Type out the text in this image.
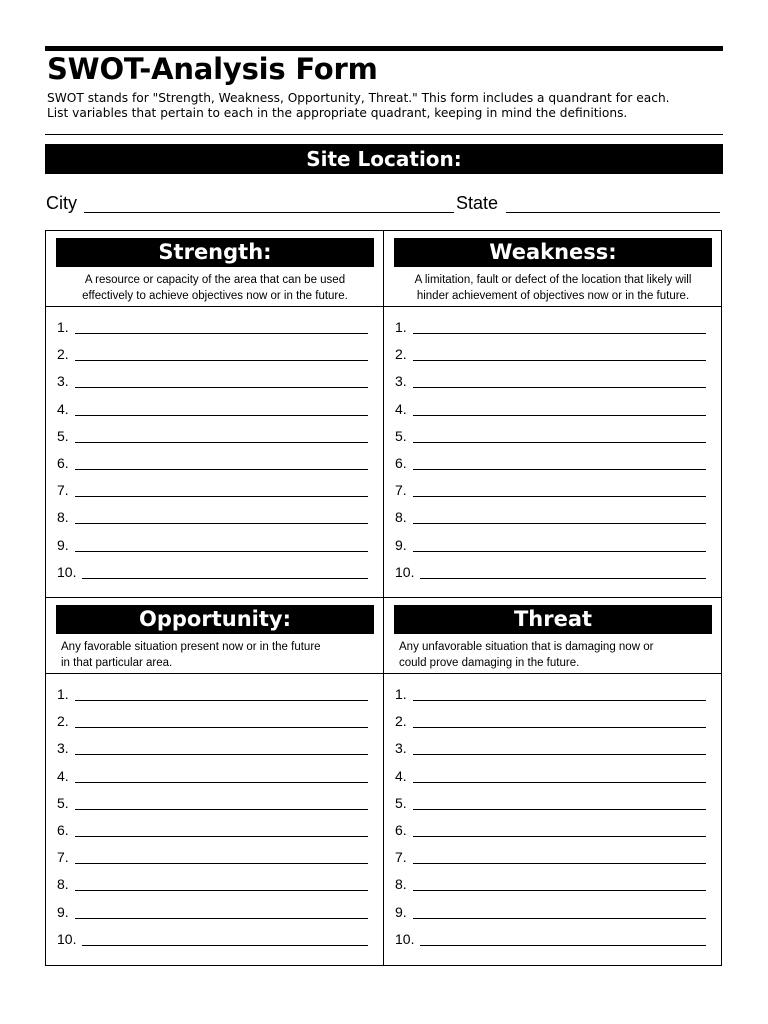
SWOT-Analysis Form

SWOT stands for "Strength, Weakness, Opportunity, Threat." This form includes a quandrant for each.
List variables that pertain to each in the appropriate quadrant, keeping in mind the definitions.

Site Location:
City	State
Strength:

A resource or capacity of the area that can be used
effectively to achieve objectives now or in the future.

1.
2.
3.
4.
5.
6.
7.
8.
9.
10.
Weakness:

A limitation, fault or defect of the location that likely will
hinder achievement of objectives now or in the future.

1.
2.
3.
4.
5.
6.
7.
8.
9.
10.
Opportunity:

Any favorable situation present now or in the future
in that particular area.

1.
2.
3.
4.
5.
6.
7.
8.
9.
10.
Threat

Any unfavorable situation that is damaging now or
could prove damaging in the future.

1.
2.
3.
4.
5.
6.
7.
8.
9.
10.
